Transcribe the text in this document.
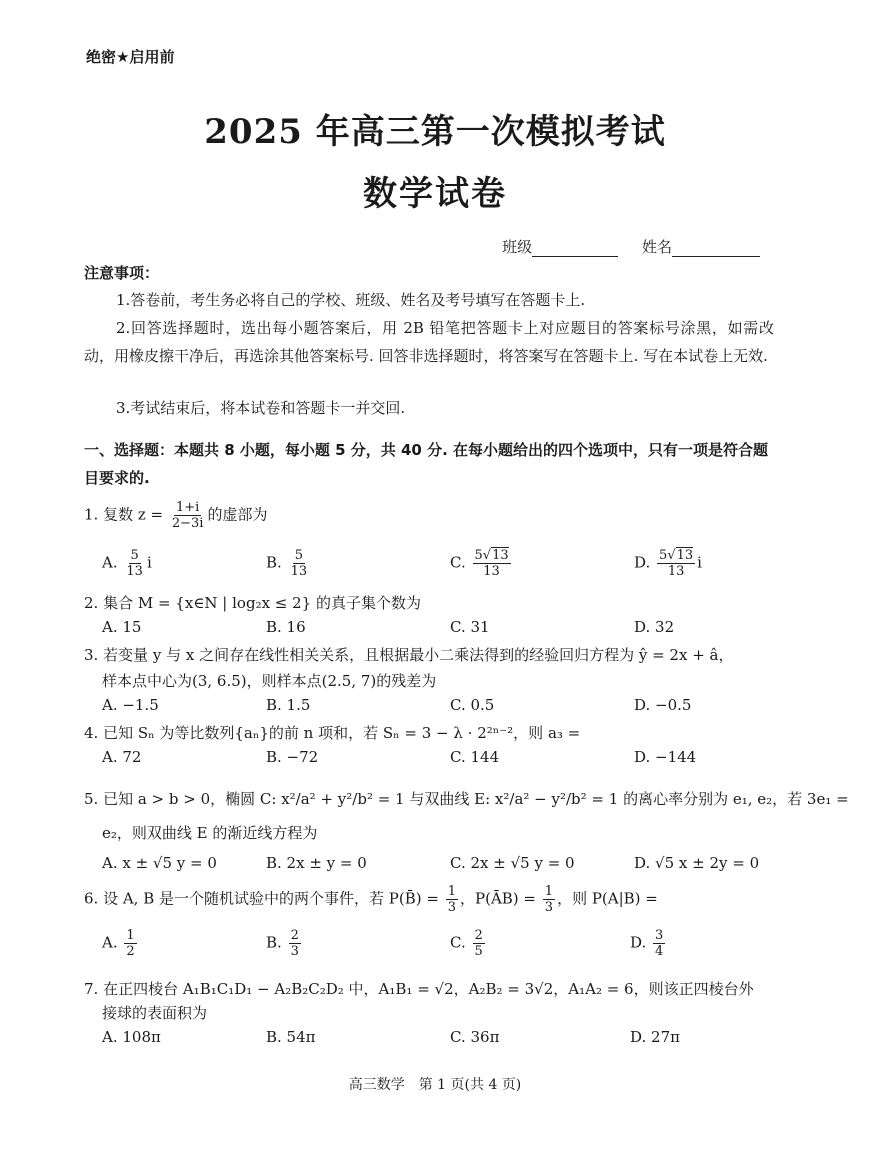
绝密★启用前
2025 年高三第一次模拟考试
数学试卷
班级	姓名
注意事项：
1.答卷前，考生务必将自己的学校、班级、姓名及考号填写在答题卡上.
2.回答选择题时，选出每小题答案后，用 2B 铅笔把答题卡上对应题目的答案标号涂黑，如需改动，用橡皮擦干净后，再选涂其他答案标号. 回答非选择题时，将答案写在答题卡上. 写在本试卷上无效.
3.考试结束后，将本试卷和答题卡一并交回.
一、选择题：本题共 8 小题，每小题 5 分，共 40 分. 在每小题给出的四个选项中，只有一项是符合题目要求的.
1. 复数 $z = \frac{1+i}{2-3i}$ 的虚部为
A. $\frac{5}{13}$ i	B. $\frac{5}{13}$	C. $\frac{5√13}{13}$	D. $\frac{5√13}{13}$ i
2. 集合 M = {x∈N | log₂x ≤ 2} 的真子集个数为
A. 15	B. 16	C. 31	D. 32
3. 若变量 y 与 x 之间存在线性相关关系，且根据最小二乘法得到的经验回归方程为 ŷ = 2x + â，
样本点中心为(3, 6.5)，则样本点(2.5, 7)的残差为
A. −1.5	B. 1.5	C. 0.5	D. −0.5
4. 已知 Sₙ 为等比数列{aₙ}的前 n 项和，若 Sₙ = 3 − λ · 2²ⁿ⁻²，则 a₃ =
A. 72	B. −72	C. 144	D. −144
5. 已知 a > b > 0，椭圆 C: x²/a² + y²/b² = 1 与双曲线 E: x²/a² − y²/b² = 1 的离心率分别为 e₁, e₂，若 3e₁ =
e₂，则双曲线 E 的渐近线方程为
A. x ± √5 y = 0	B. 2x ± y = 0	C. 2x ± √5 y = 0	D. √5 x ± 2y = 0
6. 设 A, B 是一个随机试验中的两个事件，若 P(B̄) = $\frac{1}{3}$ ，P(ĀB) = $\frac{1}{3}$ ，则 P(A|B) =
A. $\frac{1}{2}$	B. $\frac{2}{3}$	C. $\frac{2}{5}$	D. $\frac{3}{4}$
7. 在正四棱台 A₁B₁C₁D₁ − A₂B₂C₂D₂ 中，A₁B₁ = √2，A₂B₂ = 3√2，A₁A₂ = 6，则该正四棱台外
接球的表面积为
A. 108π	B. 54π	C. 36π	D. 27π
高三数学　第 1 页(共 4 页)
